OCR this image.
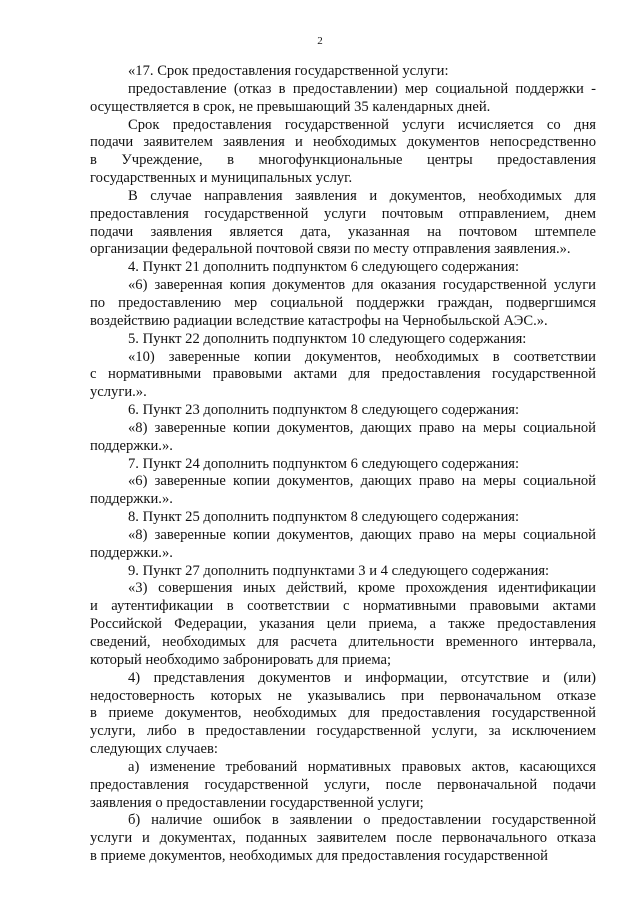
2
«17. Срок предоставления государственной услуги:
предоставление (отказ в предоставлении) мер социальной поддержки -
осуществляется в срок, не превышающий 35 календарных дней.
Срок предоставления государственной услуги исчисляется со дня
подачи заявителем заявления и необходимых документов непосредственно
в Учреждение, в многофункциональные центры предоставления
государственных и муниципальных услуг.
В случае направления заявления и документов, необходимых для
предоставления государственной услуги почтовым отправлением, днем
подачи заявления является дата, указанная на почтовом штемпеле
организации федеральной почтовой связи по месту отправления заявления.».
4. Пункт 21 дополнить подпунктом 6 следующего содержания:
«6) заверенная копия документов для оказания государственной услуги
по предоставлению мер социальной поддержки граждан, подвергшимся
воздействию радиации вследствие катастрофы на Чернобыльской АЭС.».
5. Пункт 22 дополнить подпунктом 10 следующего содержания:
«10) заверенные копии документов, необходимых в соответствии
с нормативными правовыми актами для предоставления государственной
услуги.».
6. Пункт 23 дополнить подпунктом 8 следующего содержания:
«8) заверенные копии документов, дающих право на меры социальной
поддержки.».
7. Пункт 24 дополнить подпунктом 6 следующего содержания:
«6) заверенные копии документов, дающих право на меры социальной
поддержки.».
8. Пункт 25 дополнить подпунктом 8 следующего содержания:
«8) заверенные копии документов, дающих право на меры социальной
поддержки.».
9. Пункт 27 дополнить подпунктами 3 и 4 следующего содержания:
«3) совершения иных действий, кроме прохождения идентификации
и аутентификации в соответствии с нормативными правовыми актами
Российской Федерации, указания цели приема, а также предоставления
сведений, необходимых для расчета длительности временного интервала,
который необходимо забронировать для приема;
4) представления документов и информации, отсутствие и (или)
недостоверность которых не указывались при первоначальном отказе
в приеме документов, необходимых для предоставления государственной
услуги, либо в предоставлении государственной услуги, за исключением
следующих случаев:
а) изменение требований нормативных правовых актов, касающихся
предоставления государственной услуги, после первоначальной подачи
заявления о предоставлении государственной услуги;
б) наличие ошибок в заявлении о предоставлении государственной
услуги и документах, поданных заявителем после первоначального отказа
в приеме документов, необходимых для предоставления государственной
